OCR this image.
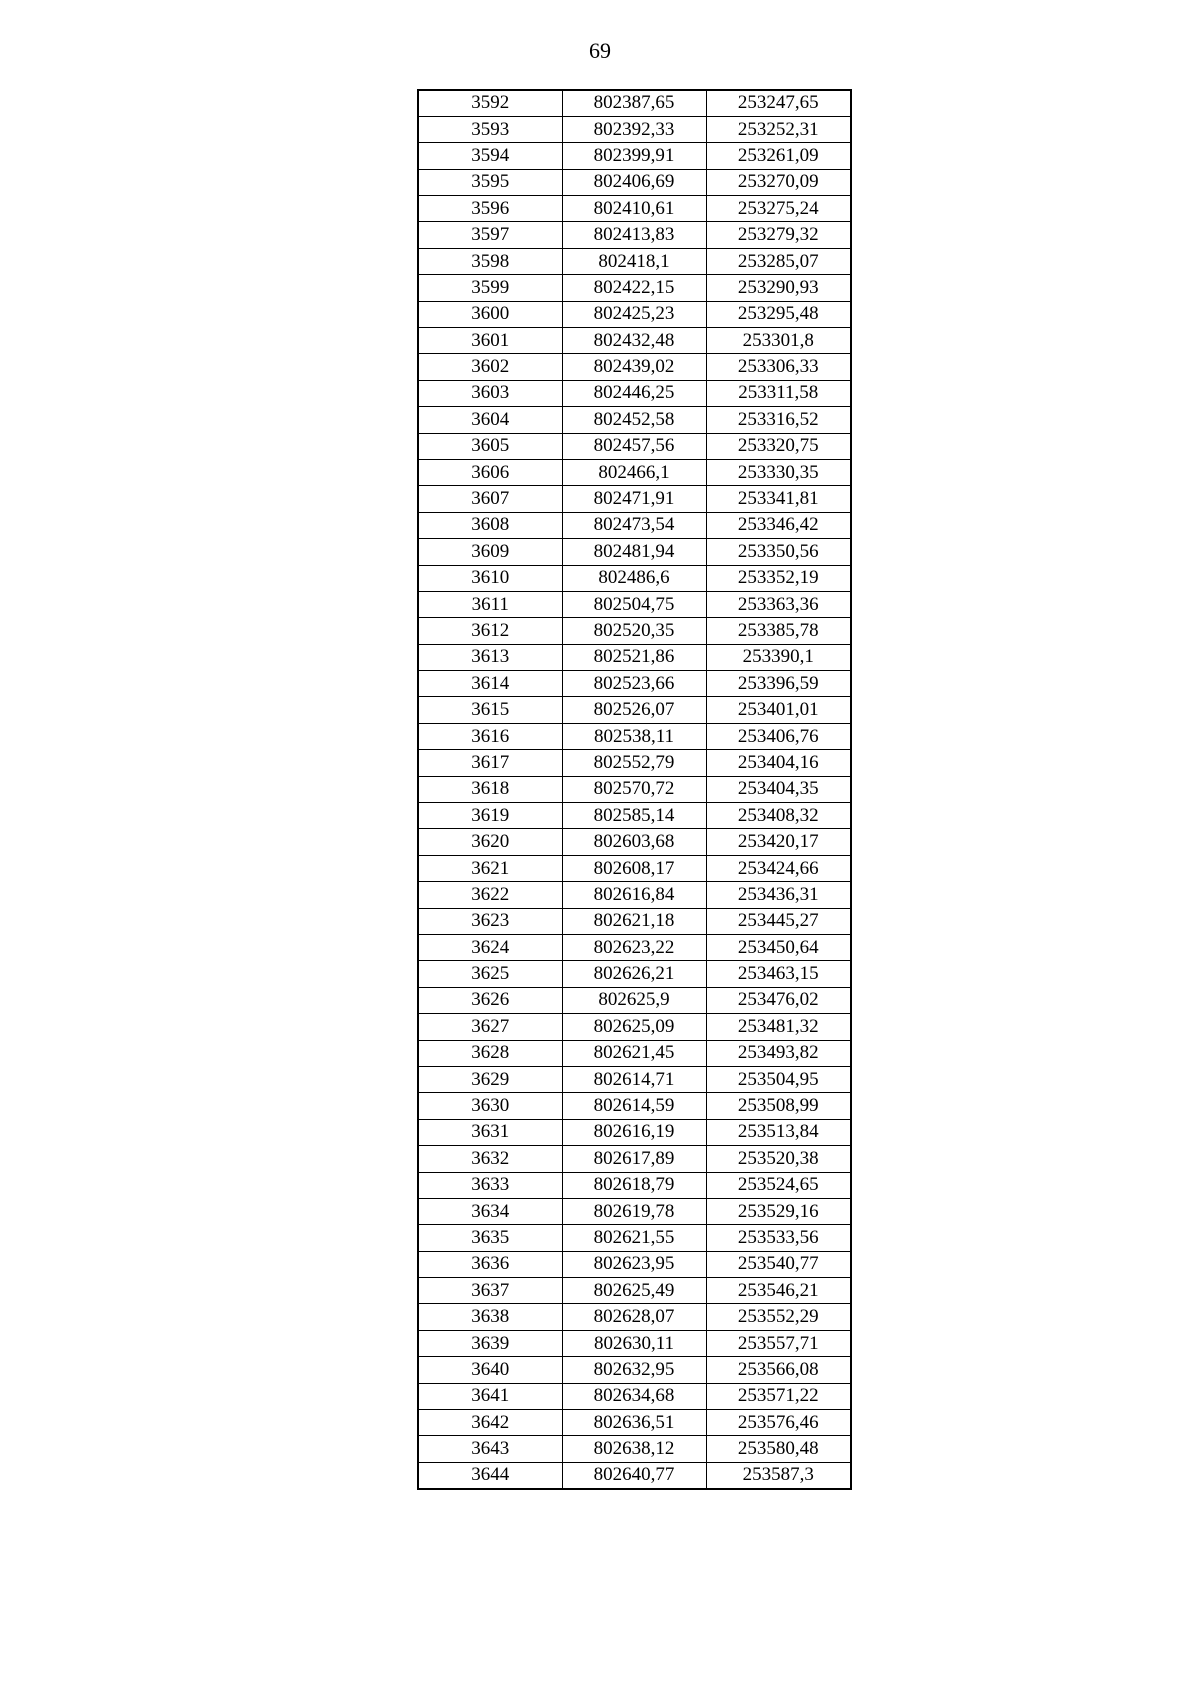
69
3592	802387,65	253247,65
3593	802392,33	253252,31
3594	802399,91	253261,09
3595	802406,69	253270,09
3596	802410,61	253275,24
3597	802413,83	253279,32
3598	802418,1	253285,07
3599	802422,15	253290,93
3600	802425,23	253295,48
3601	802432,48	253301,8
3602	802439,02	253306,33
3603	802446,25	253311,58
3604	802452,58	253316,52
3605	802457,56	253320,75
3606	802466,1	253330,35
3607	802471,91	253341,81
3608	802473,54	253346,42
3609	802481,94	253350,56
3610	802486,6	253352,19
3611	802504,75	253363,36
3612	802520,35	253385,78
3613	802521,86	253390,1
3614	802523,66	253396,59
3615	802526,07	253401,01
3616	802538,11	253406,76
3617	802552,79	253404,16
3618	802570,72	253404,35
3619	802585,14	253408,32
3620	802603,68	253420,17
3621	802608,17	253424,66
3622	802616,84	253436,31
3623	802621,18	253445,27
3624	802623,22	253450,64
3625	802626,21	253463,15
3626	802625,9	253476,02
3627	802625,09	253481,32
3628	802621,45	253493,82
3629	802614,71	253504,95
3630	802614,59	253508,99
3631	802616,19	253513,84
3632	802617,89	253520,38
3633	802618,79	253524,65
3634	802619,78	253529,16
3635	802621,55	253533,56
3636	802623,95	253540,77
3637	802625,49	253546,21
3638	802628,07	253552,29
3639	802630,11	253557,71
3640	802632,95	253566,08
3641	802634,68	253571,22
3642	802636,51	253576,46
3643	802638,12	253580,48
3644	802640,77	253587,3
